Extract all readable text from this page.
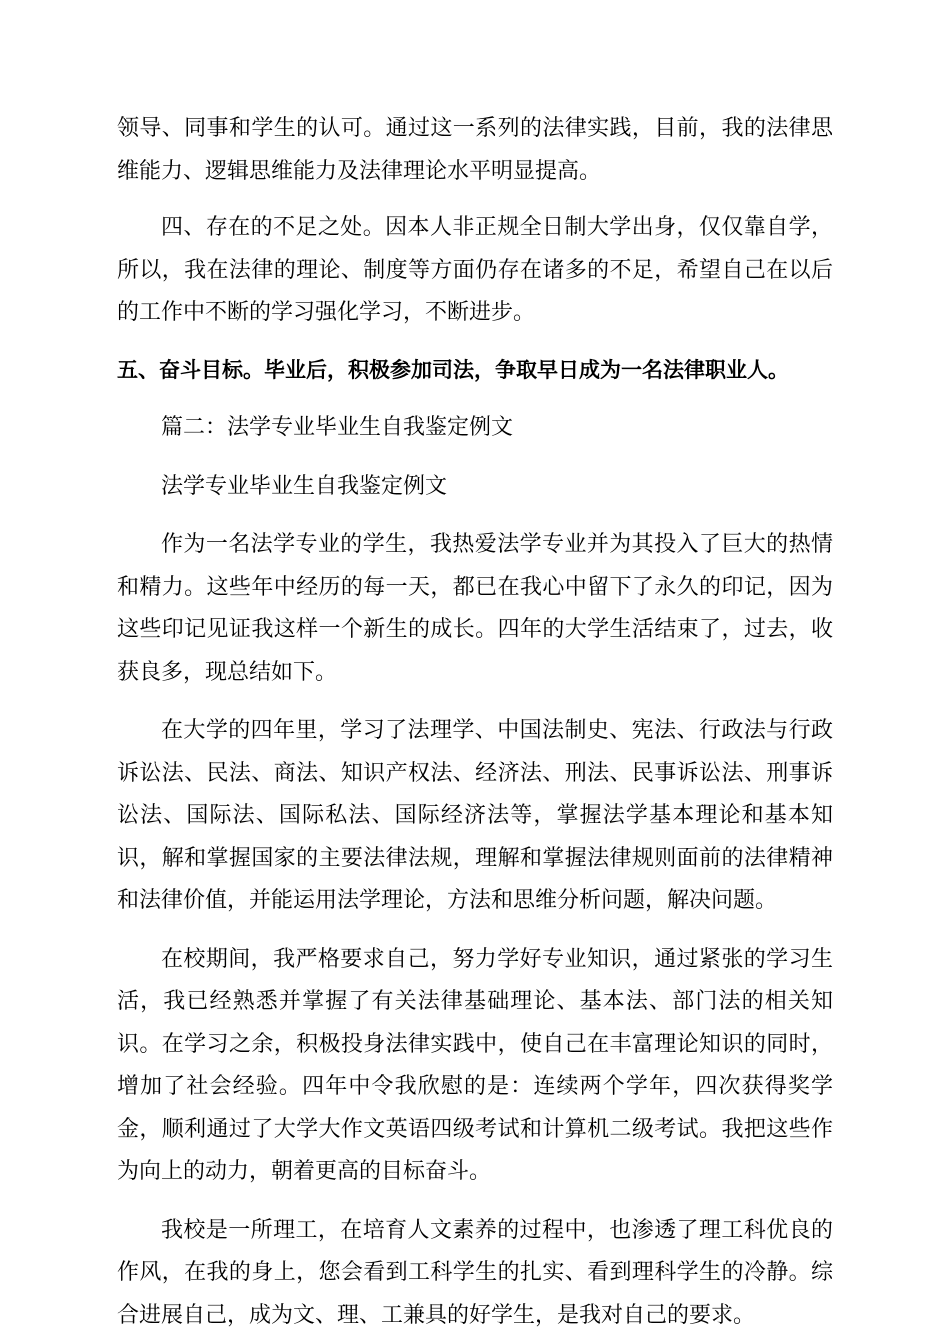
领导、同事和学生的认可。通过这一系列的法律实践，目前，我的法律思维能力、逻辑思维能力及法律理论水平明显提高。

四、存在的不足之处。因本人非正规全日制大学出身，仅仅靠自学，所以，我在法律的理论、制度等方面仍存在诸多的不足，希望自己在以后的工作中不断的学习强化学习，不断进步。

五、奋斗目标。毕业后，积极参加司法，争取早日成为一名法律职业人。

篇二：法学专业毕业生自我鉴定例文

法学专业毕业生自我鉴定例文

作为一名法学专业的学生，我热爱法学专业并为其投入了巨大的热情和精力。这些年中经历的每一天，都已在我心中留下了永久的印记，因为这些印记见证我这样一个新生的成长。四年的大学生活结束了，过去，收获良多，现总结如下。

在大学的四年里，学习了法理学、中国法制史、宪法、行政法与行政诉讼法、民法、商法、知识产权法、经济法、刑法、民事诉讼法、刑事诉讼法、国际法、国际私法、国际经济法等，掌握法学基本理论和基本知识，解和掌握国家的主要法律法规，理解和掌握法律规则面前的法律精神和法律价值，并能运用法学理论，方法和思维分析问题，解决问题。

在校期间，我严格要求自己，努力学好专业知识，通过紧张的学习生活，我已经熟悉并掌握了有关法律基础理论、基本法、部门法的相关知识。在学习之余，积极投身法律实践中，使自己在丰富理论知识的同时，增加了社会经验。四年中令我欣慰的是：连续两个学年，四次获得奖学金，顺利通过了大学大作文英语四级考试和计算机二级考试。我把这些作为向上的动力，朝着更高的目标奋斗。

我校是一所理工，在培育人文素养的过程中，也渗透了理工科优良的作风，在我的身上，您会看到工科学生的扎实、看到理科学生的冷静。综合进展自己，成为文、理、工兼具的好学生，是我对自己的要求。
